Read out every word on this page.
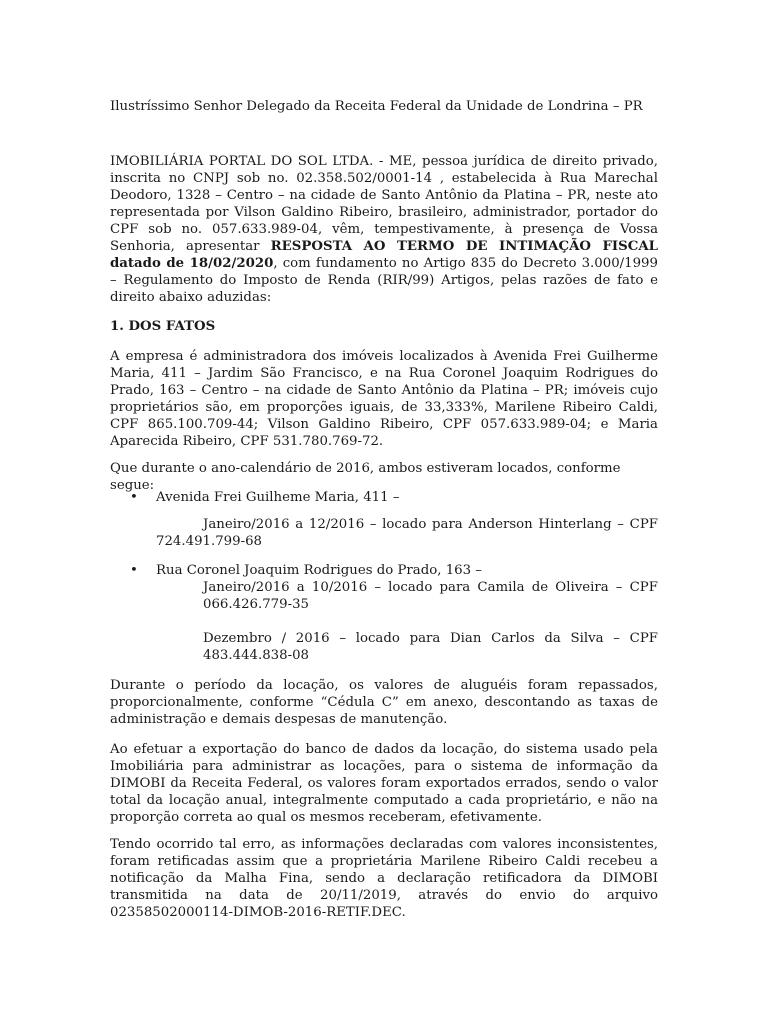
Ilustríssimo Senhor Delegado da Receita Federal da Unidade de Londrina – PR

IMOBILIÁRIA PORTAL DO SOL LTDA. - ME, pessoa jurídica de direito privado, inscrita no CNPJ sob no. 02.358.502/0001-14 , estabelecida à Rua Marechal Deodoro, 1328 – Centro – na cidade de Santo Antônio da Platina – PR, neste ato representada por Vilson Galdino Ribeiro, brasileiro, administrador, portador do CPF sob no. 057.633.989-04, vêm, tempestivamente, à presença de Vossa Senhoria, apresentar RESPOSTA AO TERMO DE INTIMAÇÃO FISCAL datado de 18/02/2020, com fundamento no Artigo 835 do Decreto 3.000/1999 – Regulamento do Imposto de Renda (RIR/99) Artigos, pelas razões de fato e direito abaixo aduzidas:

1. DOS FATOS

A empresa é administradora dos imóveis localizados à Avenida Frei Guilherme Maria, 411 – Jardim São Francisco, e na Rua Coronel Joaquim Rodrigues do Prado, 163 – Centro – na cidade de Santo Antônio da Platina – PR; imóveis cujo proprietários são, em proporções iguais, de 33,333%, Marilene Ribeiro Caldi, CPF 865.100.709-44; Vilson Galdino Ribeiro, CPF 057.633.989-04; e Maria Aparecida Ribeiro, CPF 531.780.769-72.

Que durante o ano-calendário de 2016, ambos estiveram locados, conforme segue:

•	Avenida Frei Guilheme Maria, 411 –
Janeiro/2016 a 12/2016 – locado para Anderson Hinterlang – CPF
724.491.799-68
•	Rua Coronel Joaquim Rodrigues do Prado, 163 –
Janeiro/2016 a 10/2016 – locado para Camila de Oliveira – CPF
066.426.779-35
Dezembro / 2016 – locado para Dian Carlos da Silva – CPF
483.444.838-08

Durante o período da locação, os valores de aluguéis foram repassados, proporcionalmente, conforme “Cédula C” em anexo, descontando as taxas de administração e demais despesas de manutenção.

Ao efetuar a exportação do banco de dados da locação, do sistema usado pela Imobiliária para administrar as locações, para o sistema de informação da DIMOBI da Receita Federal, os valores foram exportados errados, sendo o valor total da locação anual, integralmente computado a cada proprietário, e não na proporção correta ao qual os mesmos receberam, efetivamente.

Tendo ocorrido tal erro, as informações declaradas com valores inconsistentes, foram retificadas assim que a proprietária Marilene Ribeiro Caldi recebeu a notificação da Malha Fina, sendo a declaração retificadora da DIMOBI transmitida na data de 20/11/2019, através do envio do arquivo 02358502000114-DIMOB-2016-RETIF.DEC.
